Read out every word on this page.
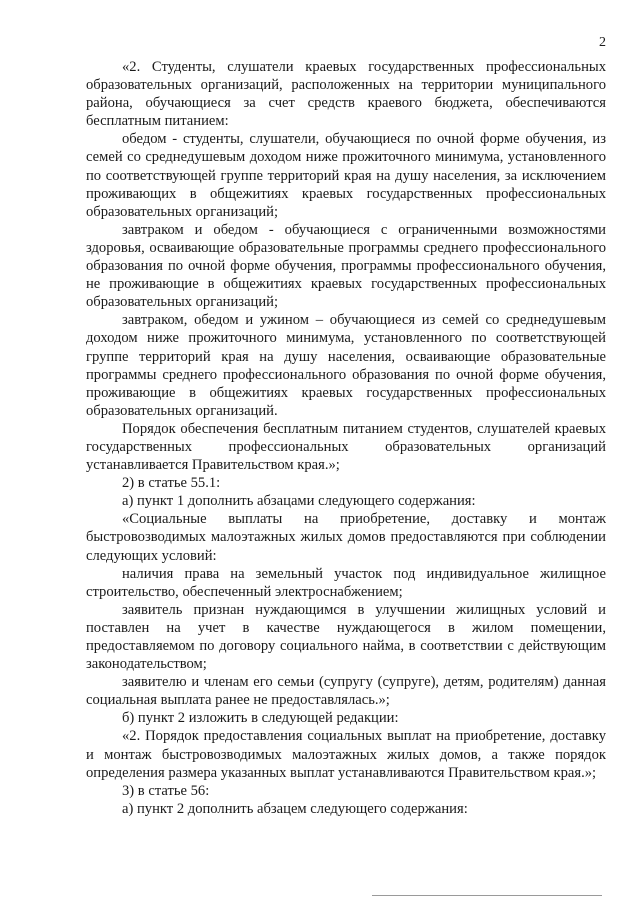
2

«2. Студенты, слушатели краевых государственных профессиональных образовательных организаций, расположенных на территории муниципального района, обучающиеся за счет средств краевого бюджета, обеспечиваются бесплатным питанием:

обедом - студенты, слушатели, обучающиеся по очной форме обучения, из семей со среднедушевым доходом ниже прожиточного минимума, установленного по соответствующей группе территорий края на душу населения, за исключением проживающих в общежитиях краевых государственных профессиональных образовательных организаций;

завтраком и обедом - обучающиеся с ограниченными возможностями здоровья, осваивающие образовательные программы среднего профессионального образования по очной форме обучения, программы профессионального обучения, не проживающие в общежитиях краевых государственных профессиональных образовательных организаций;

завтраком, обедом и ужином – обучающиеся из семей со среднедушевым доходом ниже прожиточного минимума, установленного по соответствующей группе территорий края на душу населения, осваивающие образовательные программы среднего профессионального образования по очной форме обучения, проживающие в общежитиях краевых государственных профессиональных образовательных организаций.

Порядок обеспечения бесплатным питанием студентов, слушателей краевых государственных профессиональных образовательных организаций устанавливается Правительством края.»;

2) в статье 55.1:

а) пункт 1 дополнить абзацами следующего содержания:

«Социальные выплаты на приобретение, доставку и монтаж быстровозводимых малоэтажных жилых домов предоставляются при соблюдении следующих условий:

наличия права на земельный участок под индивидуальное жилищное строительство, обеспеченный электроснабжением;

заявитель признан нуждающимся в улучшении жилищных условий и поставлен на учет в качестве нуждающегося в жилом помещении, предоставляемом по договору социального найма, в соответствии с действующим законодательством;

заявителю и членам его семьи (супругу (супруге), детям, родителям) данная социальная выплата ранее не предоставлялась.»;

б) пункт 2 изложить в следующей редакции:

«2. Порядок предоставления социальных выплат на приобретение, доставку и монтаж быстровозводимых малоэтажных жилых домов, а также порядок определения размера указанных выплат устанавливаются Правительством края.»;

3) в статье 56:

а) пункт 2 дополнить абзацем следующего содержания:
